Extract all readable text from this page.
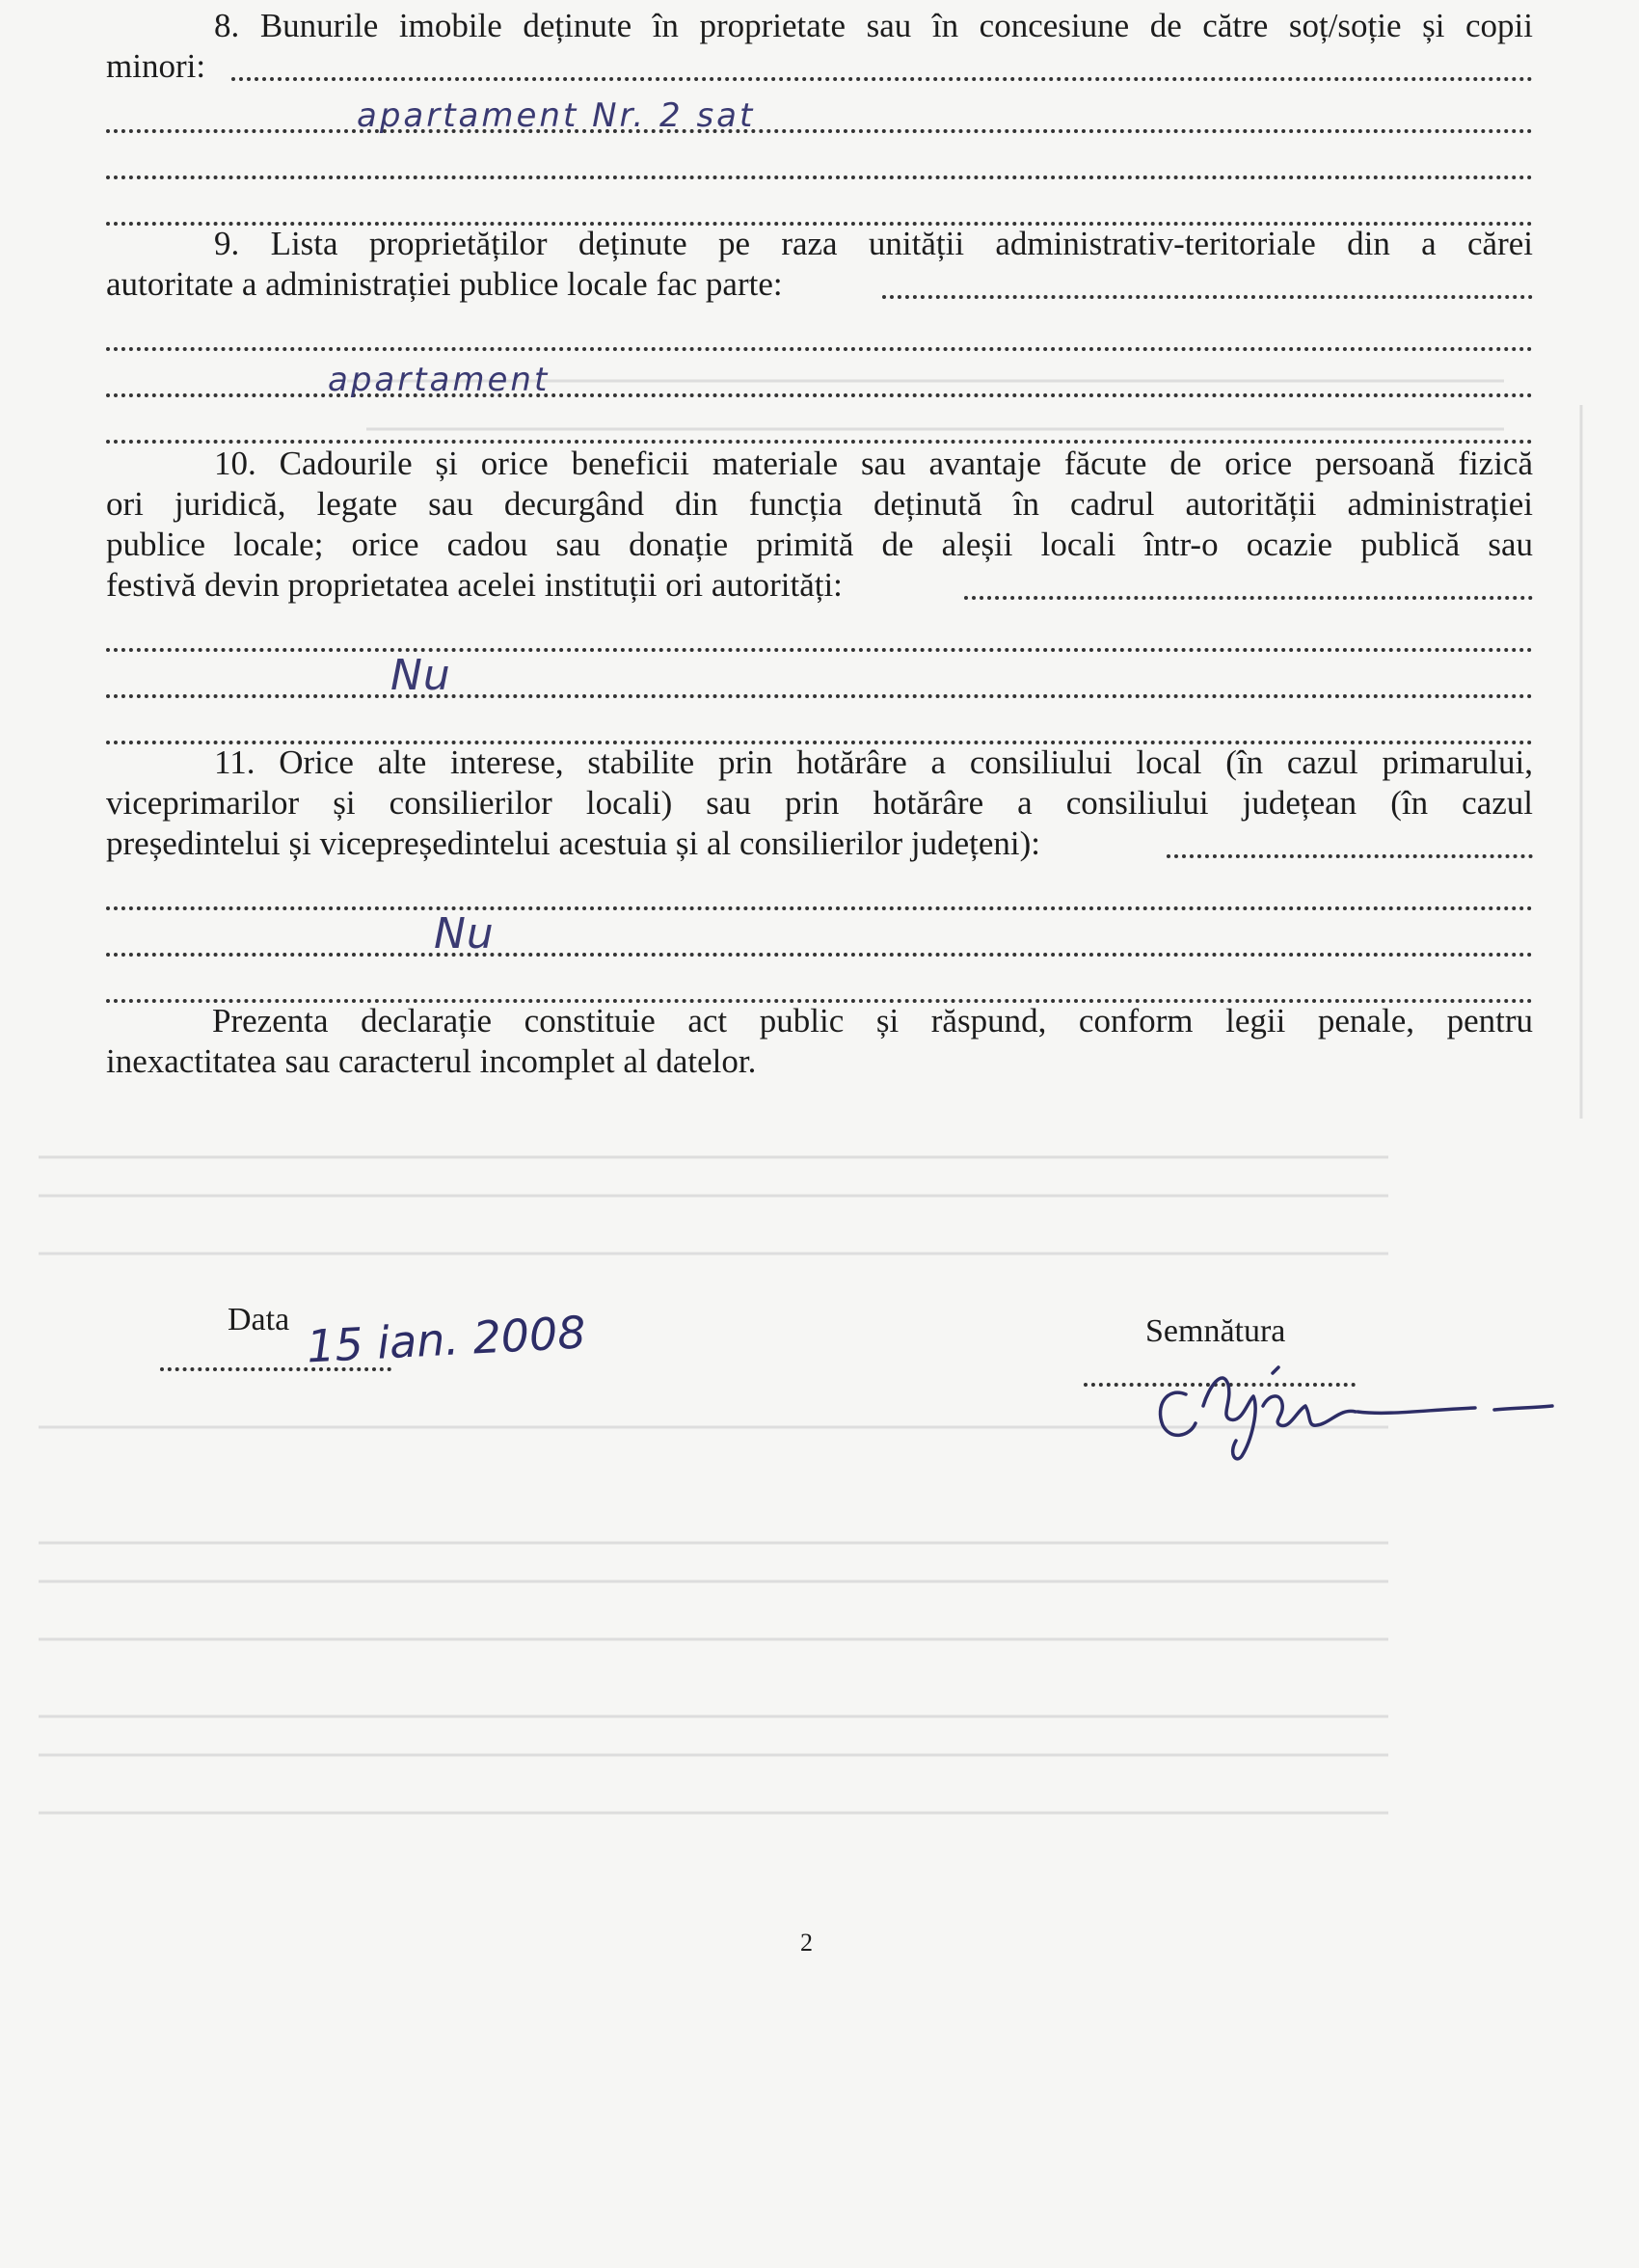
8. Bunurile imobile deținute în proprietate sau în concesiune de către soț/soție și copii

minori:
apartament Nr. 2 sat

9. Lista proprietăților deținute pe raza unității administrativ-teritoriale din a cărei

autoritate a administrației publice locale fac parte:
apartament

10. Cadourile și orice beneficii materiale sau avantaje făcute de orice persoană fizică

ori juridică, legate sau decurgând din funcția deținută în cadrul autorității administrației

publice locale; orice cadou sau donație primită de aleșii locali într-o ocazie publică sau

festivă devin proprietatea acelei instituții ori autorități:
Nu

11. Orice alte interese, stabilite prin hotărâre a consiliului local (în cazul primarului,

viceprimarilor și consilierilor locali) sau prin hotărâre a consiliului județean (în cazul

președintelui și vicepreședintelui acestuia și al consilierilor județeni):
Nu

Prezenta declarație constituie act public și răspund, conform legii penale, pentru

inexactitatea sau caracterul incomplet al datelor.

Data 15 ian. 2008	Semnătura
2
